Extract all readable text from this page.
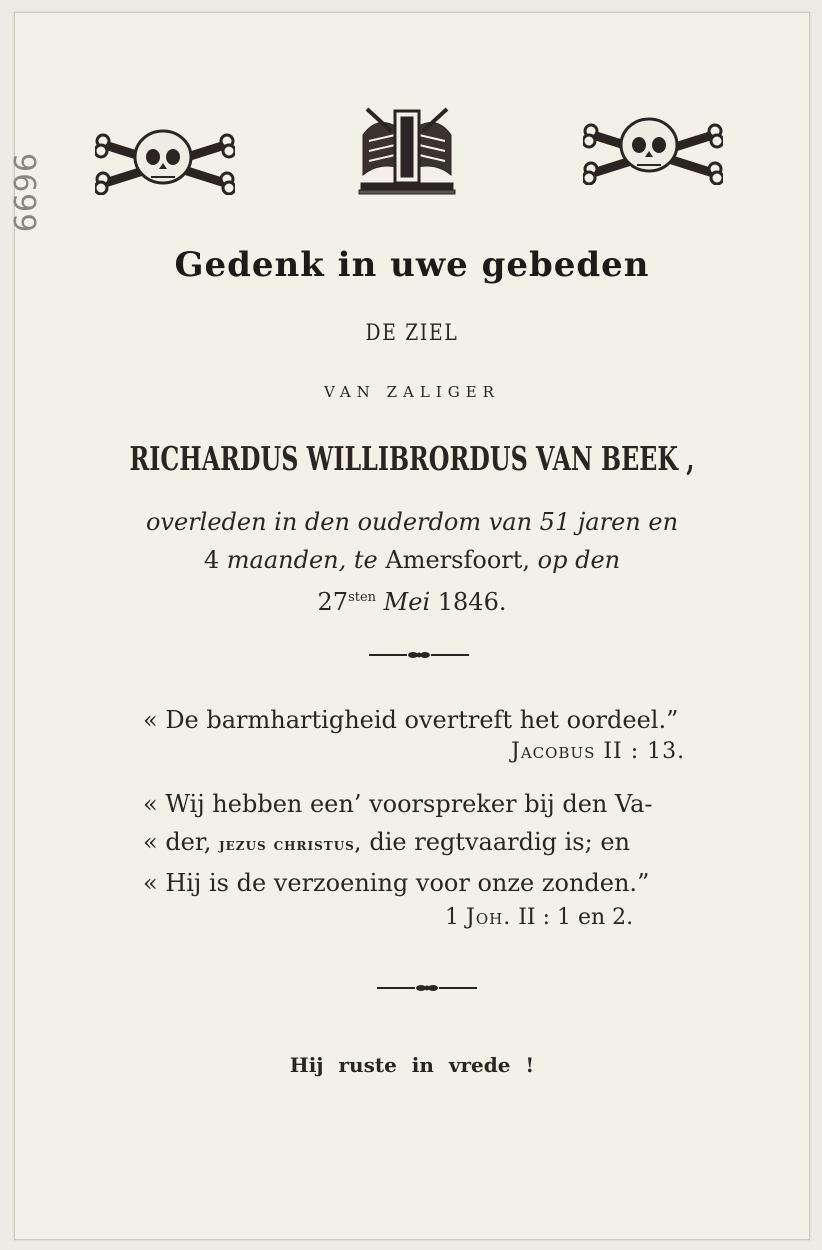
9699
Gedenk in uwe gebeden
DE ZIEL
VAN ZALIGER
RICHARDUS WILLIBRORDUS VAN BEEK ,
overleden in den ouderdom van 51 jaren en
4 maanden, te Amersfoort, op den
$27^{sten}$ Mei 1846.
« De barmhartigheid overtreft het oordeel.”
Jacobus II : 13.
« Wij hebben een’ voorspreker bij den Va-
« der, jezus christus, die regtvaardig is; en
« Hij is de verzoening voor onze zonden.”
1 Joh. II : 1 en 2.
Hij ruste in vrede !
